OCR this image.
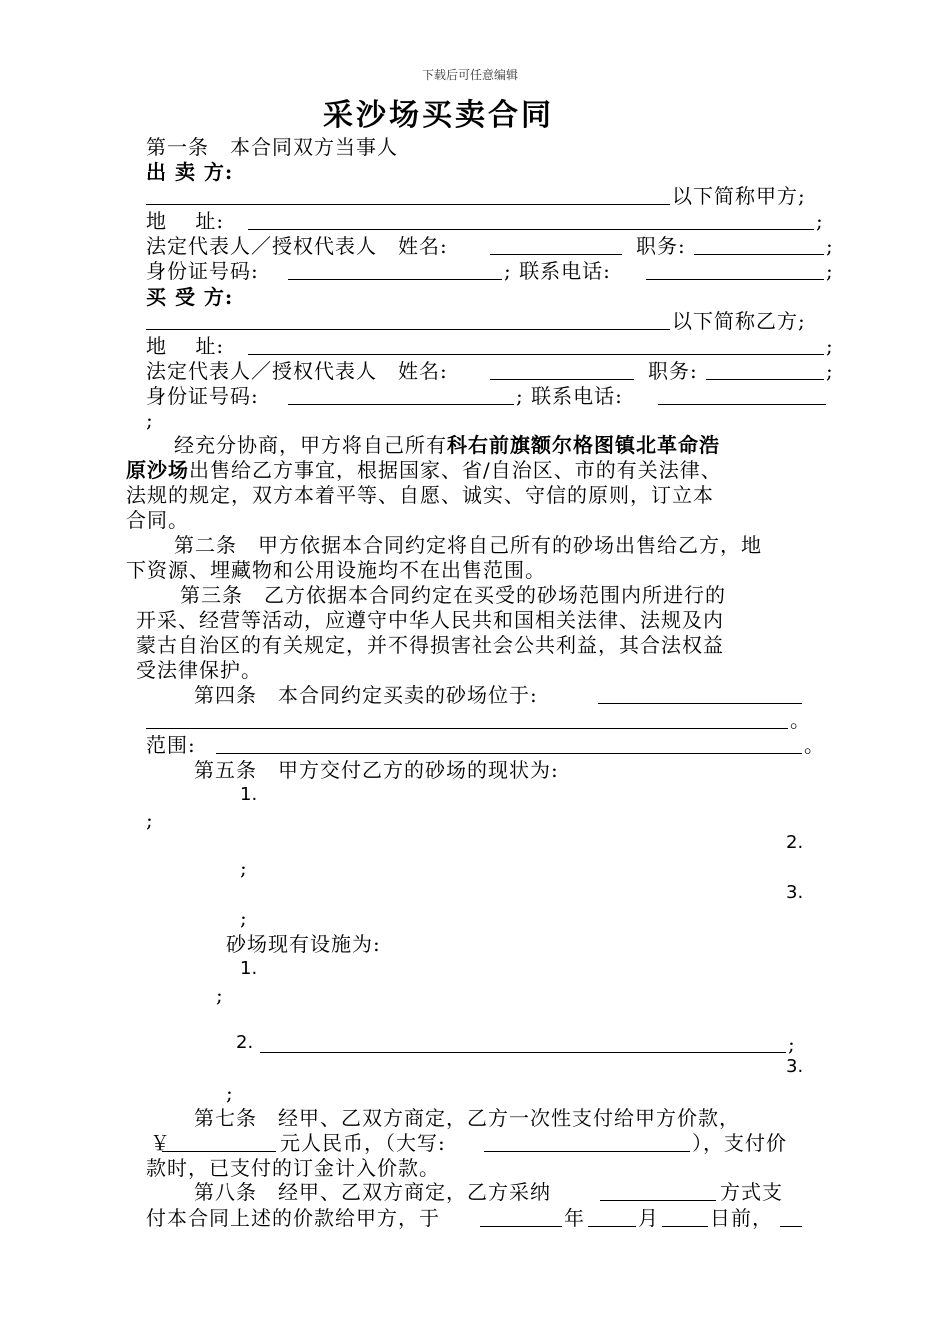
下载后可任意编辑
采沙场买卖合同
第一条　本合同双方当事人
出 卖 方:
以下简称甲方;
地　 址:	;
法定代表人／授权代表人　姓名:	职务:	;
身份证号码:	; 联系电话:	;
买 受 方:
以下简称乙方;
地　 址:	;
法定代表人／授权代表人　姓名:	职务:	;
身份证号码:	; 联系电话:
;
经充分协商，甲方将自己所有科右前旗额尔格图镇北革命浩
原沙场出售给乙方事宜，根据国家、省/自治区、市的有关法律、
法规的规定，双方本着平等、自愿、诚实、守信的原则，订立本
合同。
第二条　甲方依据本合同约定将自己所有的砂场出售给乙方，地
下资源、埋藏物和公用设施均不在出售范围。
第三条　乙方依据本合同约定在买受的砂场范围内所进行的
开采、经营等活动，应遵守中华人民共和国相关法律、法规及内
蒙古自治区的有关规定，并不得损害社会公共利益，其合法权益
受法律保护。
第四条　本合同约定买卖的砂场位于:
。
范围:	。
第五条　甲方交付乙方的砂场的现状为:
1.
;
2.
;
3.
;
砂场现有设施为:
1.
;
2.	;
3.
;
第七条　经甲、乙双方商定，乙方一次性支付给甲方价款，
￥	元人民币，（大写:	），支付价
款时，已支付的订金计入价款。
第八条　经甲、乙双方商定，乙方采纳	方式支
付本合同上述的价款给甲方，于	年	月	日前，
